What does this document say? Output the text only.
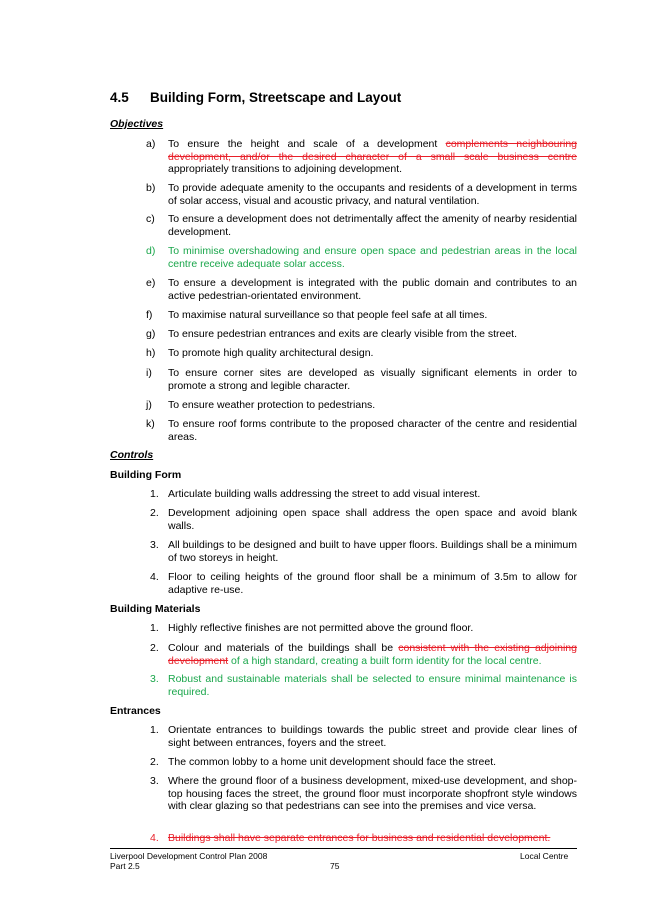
4.5 Building Form, Streetscape and Layout
Objectives
a)	To ensure the height and scale of a development complements neighbouring development, and/or the desired character of a small scale business centre appropriately transitions to adjoining development.
b)	To provide adequate amenity to the occupants and residents of a development in terms of solar access, visual and acoustic privacy, and natural ventilation.
c)	To ensure a development does not detrimentally affect the amenity of nearby residential development.
d)	To minimise overshadowing and ensure open space and pedestrian areas in the local centre receive adequate solar access.
e)	To ensure a development is integrated with the public domain and contributes to an active pedestrian-orientated environment.
f)	To maximise natural surveillance so that people feel safe at all times.
g)	To ensure pedestrian entrances and exits are clearly visible from the street.
h)	To promote high quality architectural design.
i)	To ensure corner sites are developed as visually significant elements in order to promote a strong and legible character.
j)	To ensure weather protection to pedestrians.
k)	To ensure roof forms contribute to the proposed character of the centre and residential areas.
Controls
Building Form
1. Articulate building walls addressing the street to add visual interest.
2. Development adjoining open space shall address the open space and avoid blank walls.
3. All buildings to be designed and built to have upper floors. Buildings shall be a minimum of two storeys in height.
4. Floor to ceiling heights of the ground floor shall be a minimum of 3.5m to allow for adaptive re-use.
Building Materials
1. Highly reflective finishes are not permitted above the ground floor.
2. Colour and materials of the buildings shall be consistent with the existing adjoining development of a high standard, creating a built form identity for the local centre.
3. Robust and sustainable materials shall be selected to ensure minimal maintenance is required.
Entrances
1. Orientate entrances to buildings towards the public street and provide clear lines of sight between entrances, foyers and the street.
2. The common lobby to a home unit development should face the street.
3. Where the ground floor of a business development, mixed-use development, and shop-top housing faces the street, the ground floor must incorporate shopfront style windows with clear glazing so that pedestrians can see into the premises and vice versa.
4. Buildings shall have separate entrances for business and residential development.
Liverpool Development Control Plan 2008
Part 2.5	75
Local Centre
